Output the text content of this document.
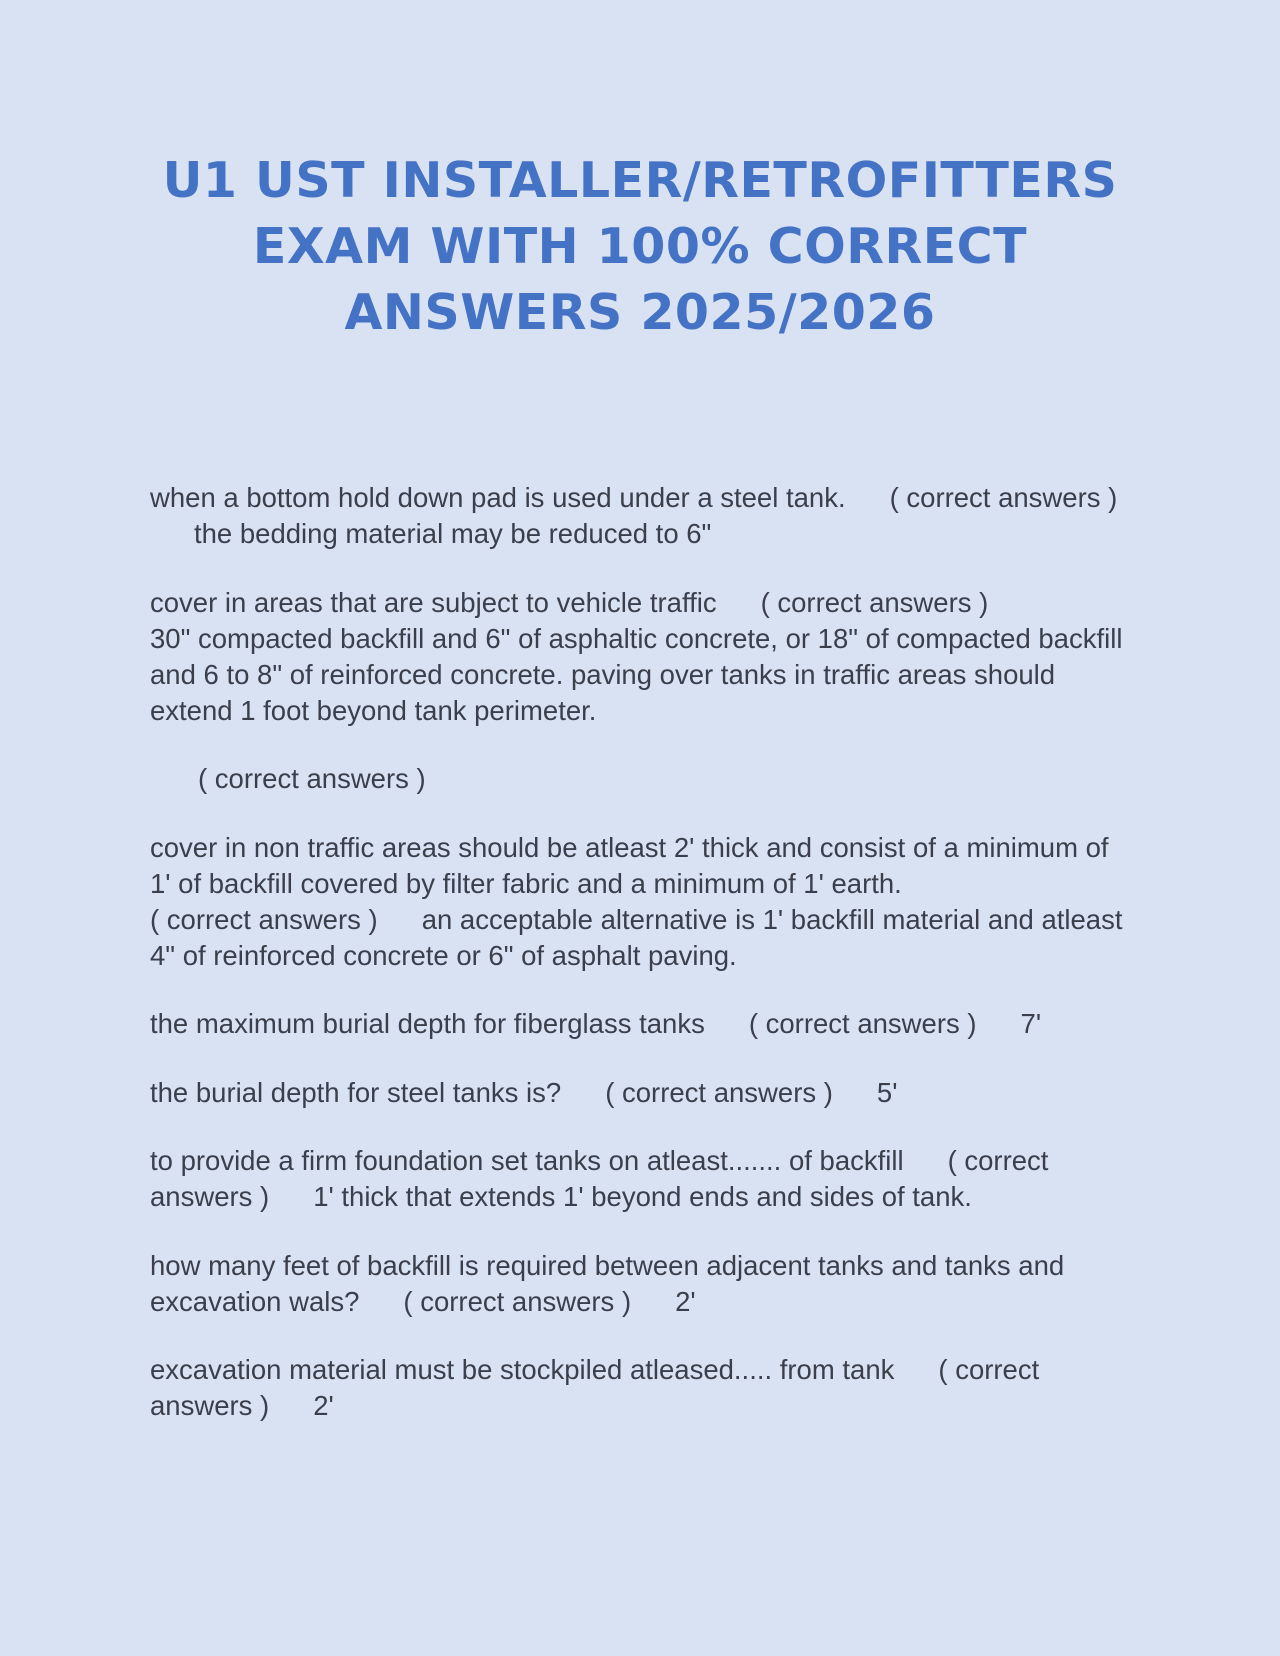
U1 UST INSTALLER/RETROFITTERS
EXAM WITH 100% CORRECT
ANSWERS 2025/2026

when a bottom hold down pad is used under a steel tank. ( correct answers )the bedding material may be reduced to 6"

cover in areas that are subject to vehicle traffic ( correct answers )
30" compacted backfill and 6" of asphaltic concrete, or 18" of compacted backfill and 6 to 8" of reinforced concrete. paving over tanks in traffic areas should extend 1 foot beyond tank perimeter.

( correct answers )

cover in non traffic areas should be atleast 2' thick and consist of a minimum of 1' of backfill covered by filter fabric and a minimum of 1' earth.
( correct answers ) an acceptable alternative is 1' backfill material and atleast 4" of reinforced concrete or 6" of asphalt paving.

the maximum burial depth for fiberglass tanks ( correct answers ) 7'

the burial depth for steel tanks is? ( correct answers ) 5'

to provide a firm foundation set tanks on atleast....... of backfill ( correct answers ) 1' thick that extends 1' beyond ends and sides of tank.

how many feet of backfill is required between adjacent tanks and tanks and excavation wals? ( correct answers ) 2'

excavation material must be stockpiled atleased..... from tank ( correct answers ) 2'
